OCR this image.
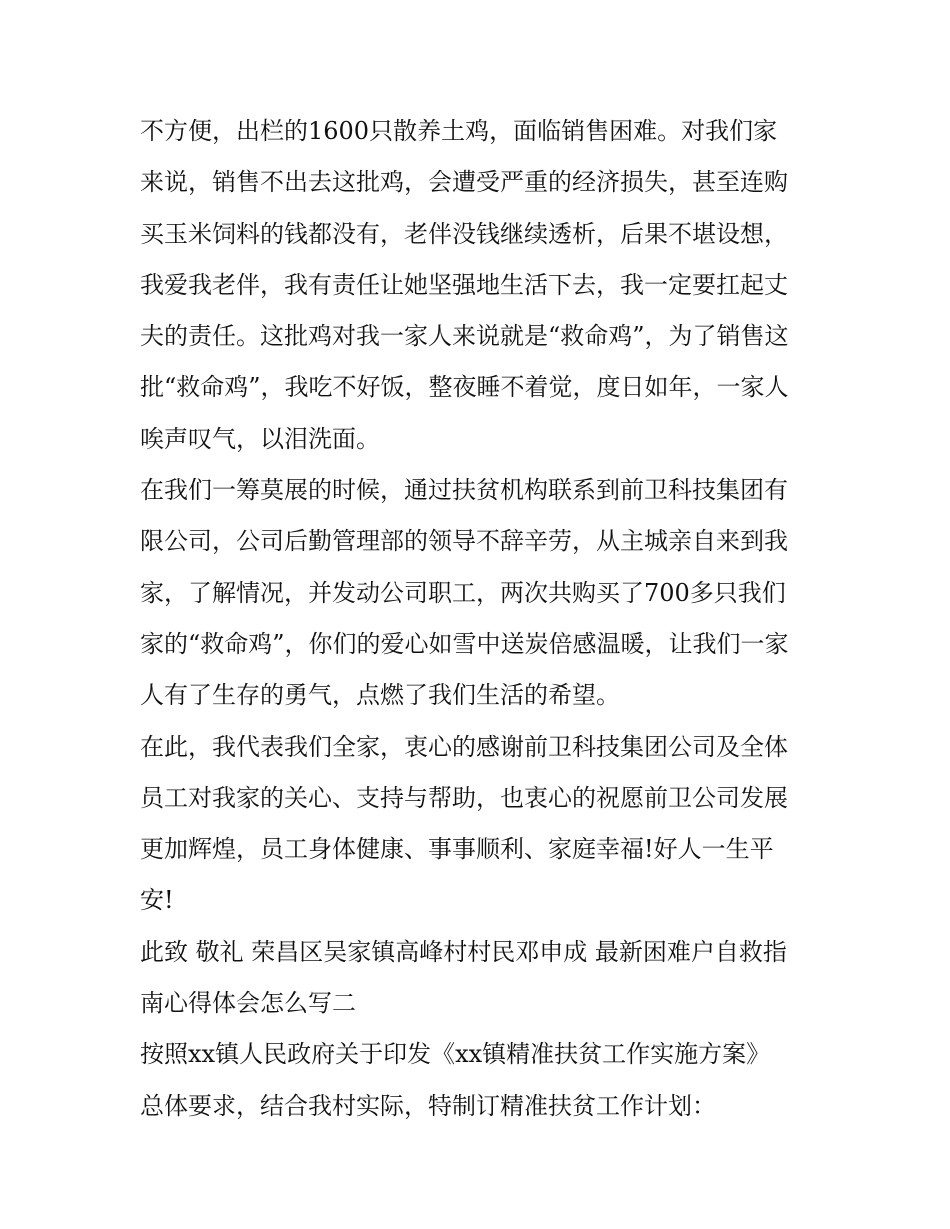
不方便，出栏的1600只散养土鸡，面临销售困难。对我们家
来说，销售不出去这批鸡，会遭受严重的经济损失，甚至连购
买玉米饲料的钱都没有，老伴没钱继续透析，后果不堪设想，
我爱我老伴，我有责任让她坚强地生活下去，我一定要扛起丈
夫的责任。这批鸡对我一家人来说就是“救命鸡”，为了销售这
批“救命鸡”，我吃不好饭，整夜睡不着觉，度日如年，一家人
唉声叹气，以泪洗面。
在我们一筹莫展的时候，通过扶贫机构联系到前卫科技集团有
限公司，公司后勤管理部的领导不辞辛劳，从主城亲自来到我
家，了解情况，并发动公司职工，两次共购买了700多只我们
家的“救命鸡”，你们的爱心如雪中送炭倍感温暖，让我们一家
人有了生存的勇气，点燃了我们生活的希望。
在此，我代表我们全家，衷心的感谢前卫科技集团公司及全体
员工对我家的关心、支持与帮助，也衷心的祝愿前卫公司发展
更加辉煌，员工身体健康、事事顺利、家庭幸福!好人一生平
安!
此致 敬礼 荣昌区吴家镇高峰村村民邓申成 最新困难户自救指
南心得体会怎么写二
按照xx镇人民政府关于印发《xx镇精准扶贫工作实施方案》
总体要求，结合我村实际，特制订精准扶贫工作计划：
